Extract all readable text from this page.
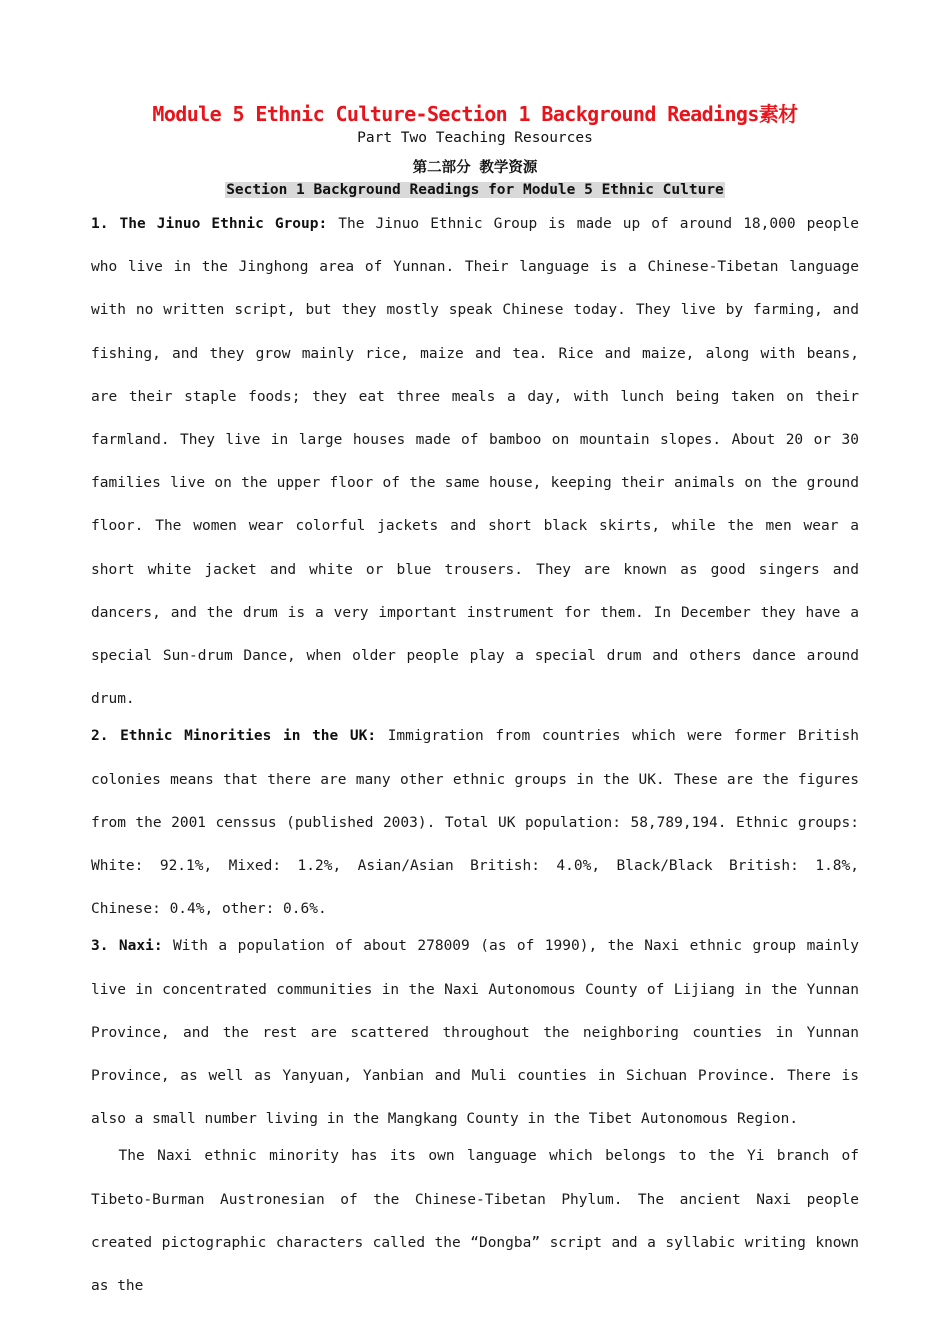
Module 5 Ethnic Culture-Section 1 Background Readings素材
Part Two Teaching Resources
第二部分 教学资源
Section 1 Background Readings for Module 5 Ethnic Culture

1. The Jinuo Ethnic Group: The Jinuo Ethnic Group is made up of around 18,000 people who live in the Jinghong area of Yunnan. Their language is a Chinese-Tibetan language with no written script, but they mostly speak Chinese today. They live by farming, and fishing, and they grow mainly rice, maize and tea. Rice and maize, along with beans, are their staple foods; they eat three meals a day, with lunch being taken on their farmland. They live in large houses made of bamboo on mountain slopes. About 20 or 30 families live on the upper floor of the same house, keeping their animals on the ground floor. The women wear colorful jackets and short black skirts, while the men wear a short white jacket and white or blue trousers. They are known as good singers and dancers, and the drum is a very important instrument for them. In December they have a special Sun-drum Dance, when older people play a special drum and others dance around drum.

2. Ethnic Minorities in the UK: Immigration from countries which were former British colonies means that there are many other ethnic groups in the UK. These are the figures from the 2001 censsus (published 2003). Total UK population: 58,789,194. Ethnic groups: White: 92.1%, Mixed: 1.2%, Asian/Asian British: 4.0%, Black/Black British: 1.8%, Chinese: 0.4%, other: 0.6%.

3. Naxi: With a population of about 278009 (as of 1990), the Naxi ethnic group mainly live in concentrated communities in the Naxi Autonomous County of Lijiang in the Yunnan Province, and the rest are scattered throughout the neighboring counties in Yunnan Province, as well as Yanyuan, Yanbian and Muli counties in Sichuan Province. There is also a small number living in the Mangkang County in the Tibet Autonomous Region.

The Naxi ethnic minority has its own language which belongs to the Yi branch of Tibeto-Burman Austronesian of the Chinese-Tibetan Phylum. The ancient Naxi people created pictographic characters called the “Dongba” script and a syllabic writing known as the
